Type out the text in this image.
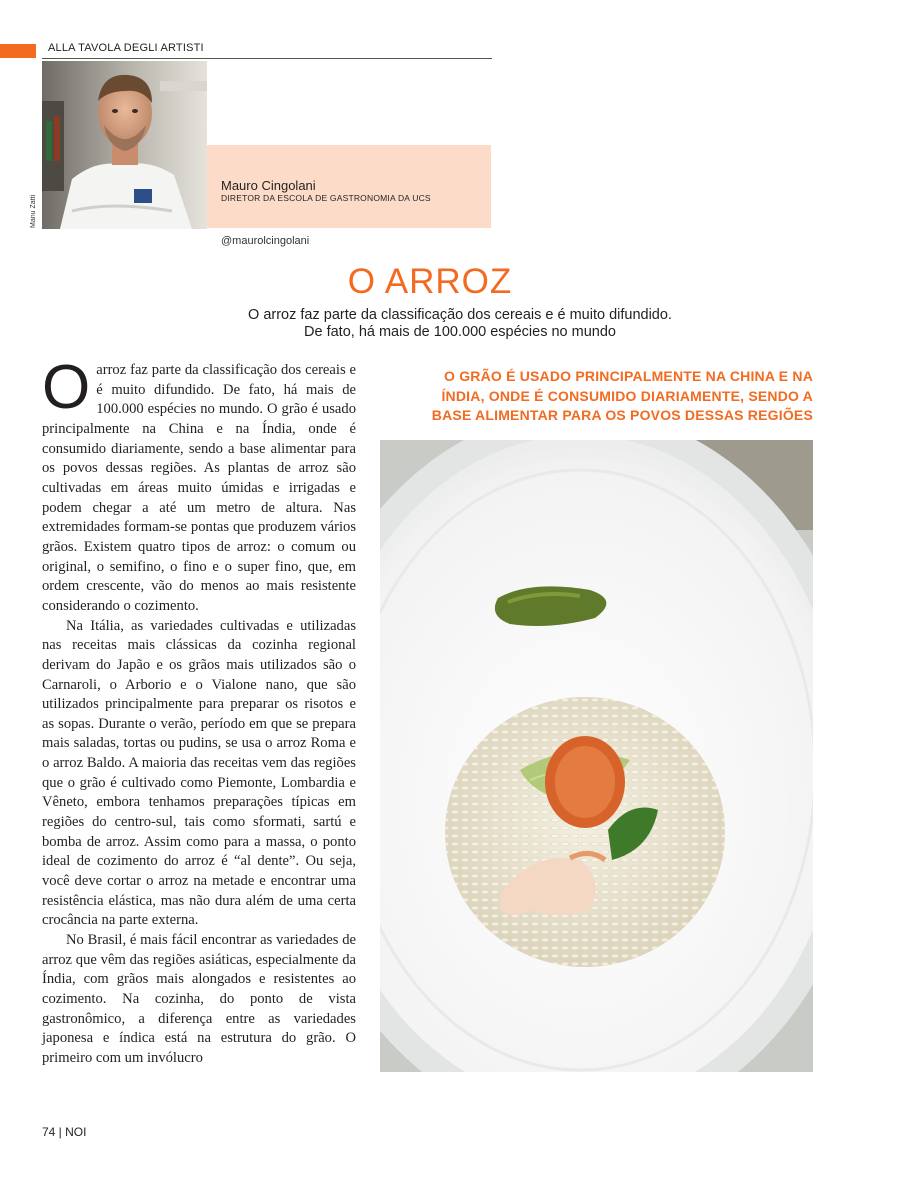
ALLA TAVOLA DEGLI ARTISTI
Manu Zatti
Mauro Cingolani
DIRETOR DA ESCOLA DE GASTRONOMIA DA UCS
@maurolcingolani
O ARROZ
O arroz faz parte da classificação dos cereais e é muito difundido.
De fato, há mais de 100.000 espécies no mundo

Oarroz faz parte da classificação dos cereais e é muito difundido. De fato, há mais de 100.000 espécies no mundo. O grão é usado principalmente na China e na Índia, onde é consumido diariamente, sendo a base alimentar para os povos dessas regiões. As plantas de arroz são cultivadas em áreas muito úmidas e irrigadas e podem chegar a até um metro de altura. Nas extremidades formam-se pontas que produzem vários grãos. Existem quatro tipos de arroz: o comum ou original, o semifino, o fino e o super fino, que, em ordem crescente, vão do menos ao mais resistente considerando o cozimento.

Na Itália, as variedades cultivadas e utilizadas nas receitas mais clássicas da cozinha regional derivam do Japão e os grãos mais utilizados são o Carnaroli, o Arborio e o Vialone nano, que são utilizados principalmente para preparar os risotos e as sopas. Durante o verão, período em que se prepara mais saladas, tortas ou pudins, se usa o arroz Roma e o arroz Baldo. A maioria das receitas vem das regiões que o grão é cultivado como Piemonte, Lombardia e Vêneto, embora tenhamos preparações típicas em regiões do centro-sul, tais como sformati, sartú e bomba de arroz. Assim como para a massa, o ponto ideal de cozimento do arroz é “al dente”. Ou seja, você deve cortar o arroz na metade e encontrar uma resistência elástica, mas não dura além de uma certa crocância na parte externa.

No Brasil, é mais fácil encontrar as variedades de arroz que vêm das regiões asiáticas, especialmente da Índia, com grãos mais alongados e resistentes ao cozimento. Na cozinha, do ponto de vista gastronômico, a diferença entre as variedades japonesa e índica está na estrutura do grão. O primeiro com um invólucro

O GRÃO É USADO PRINCIPALMENTE NA CHINA E NA
ÍNDIA, ONDE É CONSUMIDO DIARIAMENTE, SENDO A
BASE ALIMENTAR PARA OS POVOS DESSAS REGIÕES
74 | NOI
